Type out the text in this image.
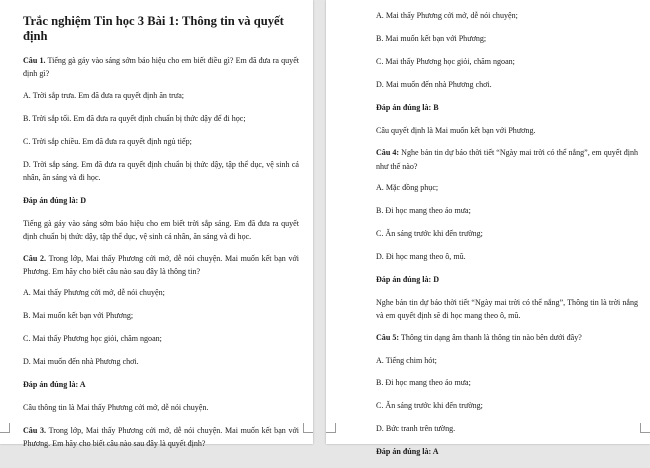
Trắc nghiệm Tin học 3 Bài 1: Thông tin và quyết định

Câu 1. Tiếng gà gáy vào sáng sớm báo hiệu cho em biết điều gì? Em đã đưa ra quyết định gì?

A. Trời sắp trưa. Em đã đưa ra quyết định ăn trưa;

B. Trời sắp tối. Em đã đưa ra quyết định chuẩn bị thức dậy để đi học;

C. Trời sắp chiều. Em đã đưa ra quyết định ngủ tiếp;

D. Trời sắp sáng. Em đã đưa ra quyết định chuẩn bị thức dậy, tập thể dục, vệ sinh cá nhân, ăn sáng và đi học.

Đáp án đúng là: D

Tiếng gà gáy vào sáng sớm báo hiệu cho em biết trời sắp sáng. Em đã đưa ra quyết định chuẩn bị thức dậy, tập thể dục, vệ sinh cá nhân, ăn sáng và đi học.

Câu 2. Trong lớp, Mai thấy Phương cởi mở, dễ nói chuyện. Mai muốn kết bạn với Phương. Em hãy cho biết câu nào sau đây là thông tin?

A. Mai thấy Phương cởi mở, dễ nói chuyện;

B. Mai muốn kết bạn với Phương;

C. Mai thấy Phương học giỏi, chăm ngoan;

D. Mai muốn đến nhà Phương chơi.

Đáp án đúng là: A

Câu thông tin là Mai thấy Phương cởi mở, dễ nói chuyện.

Câu 3. Trong lớp, Mai thấy Phương cởi mở, dễ nói chuyện. Mai muốn kết bạn với Phương. Em hãy cho biết câu nào sau đây là quyết định?

A. Mai thấy Phương cởi mở, dễ nói chuyện;

B. Mai muốn kết bạn với Phương;

C. Mai thấy Phương học giỏi, chăm ngoan;

D. Mai muốn đến nhà Phương chơi.

Đáp án đúng là: B

Câu quyết định là Mai muốn kết bạn với Phương.

Câu 4: Nghe bản tin dự báo thời tiết “Ngày mai trời có thể nắng”, em quyết định như thế nào?

A. Mặc đồng phục;

B. Đi học mang theo áo mưa;

C. Ăn sáng trước khi đến trường;

D. Đi học mang theo ô, mũ.

Đáp án đúng là: D

Nghe bản tin dự báo thời tiết “Ngày mai trời có thể nắng”, Thông tin là trời nắng và em quyết định sẽ đi học mang theo ô, mũ.

Câu 5: Thông tin dạng âm thanh là thông tin nào bên dưới đây?

A. Tiếng chim hót;

B. Đi học mang theo áo mưa;

C. Ăn sáng trước khi đến trường;

D. Bức tranh trên tường.

Đáp án đúng là: A
